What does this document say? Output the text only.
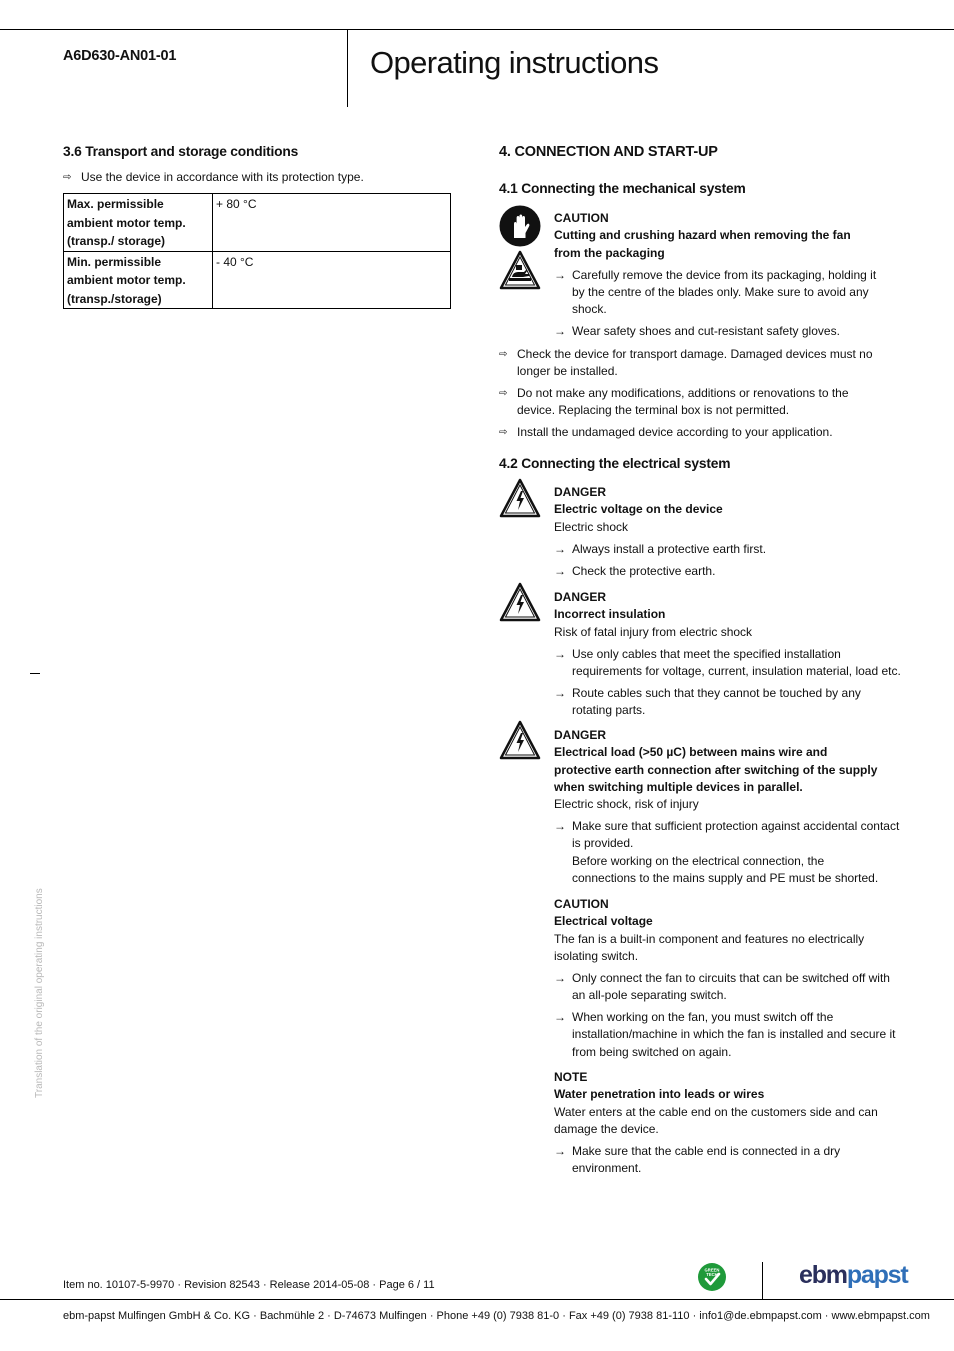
A6D630-AN01-01	Operating instructions
3.6 Transport and storage conditions
⇨ Use the device in accordance with its protection type.
Max. permissible
ambient motor temp.
(transp./ storage)	+ 80 °C

Min. permissible
ambient motor temp.
(transp./storage)	- 40 °C
Translation of the original operating instructions
4. CONNECTION AND START-UP
4.1 Connecting the mechanical system
CAUTION
Cutting and crushing hazard when removing the fan
from the packaging
→ Carefully remove the device from its packaging, holding it
by the centre of the blades only. Make sure to avoid any
shock.
→ Wear safety shoes and cut-resistant safety gloves.
⇨ Check the device for transport damage. Damaged devices must no
longer be installed.
⇨ Do not make any modifications, additions or renovations to the
device. Replacing the terminal box is not permitted.
⇨ Install the undamaged device according to your application.
4.2 Connecting the electrical system
DANGER
Electric voltage on the device
Electric shock
→ Always install a protective earth first.
→ Check the protective earth.
DANGER
Incorrect insulation
Risk of fatal injury from electric shock
→ Use only cables that meet the specified installation
requirements for voltage, current, insulation material, load etc.
→ Route cables such that they cannot be touched by any
rotating parts.
DANGER
Electrical load (>50 µC) between mains wire and
protective earth connection after switching of the supply
when switching multiple devices in parallel.
Electric shock, risk of injury
→ Make sure that sufficient protection against accidental contact
is provided.
Before working on the electrical connection, the
connections to the mains supply and PE must be shorted.
CAUTION
Electrical voltage
The fan is a built-in component and features no electrically
isolating switch.
→ Only connect the fan to circuits that can be switched off with
an all-pole separating switch.
→ When working on the fan, you must switch off the
installation/machine in which the fan is installed and secure it
from being switched on again.
NOTE
Water penetration into leads or wires
Water enters at the cable end on the customers side and can
damage the device.
→ Make sure that the cable end is connected in a dry
environment.
Item no. 10107-5-9970 · Revision 82543 · Release 2014-05-08 · Page 6 / 11
GREEN
TECH	ebmpapst
ebm-papst Mulfingen GmbH & Co. KG · Bachmühle 2 · D-74673 Mulfingen · Phone +49 (0) 7938 81-0 · Fax +49 (0) 7938 81-110 · info1@de.ebmpapst.com · www.ebmpapst.com
